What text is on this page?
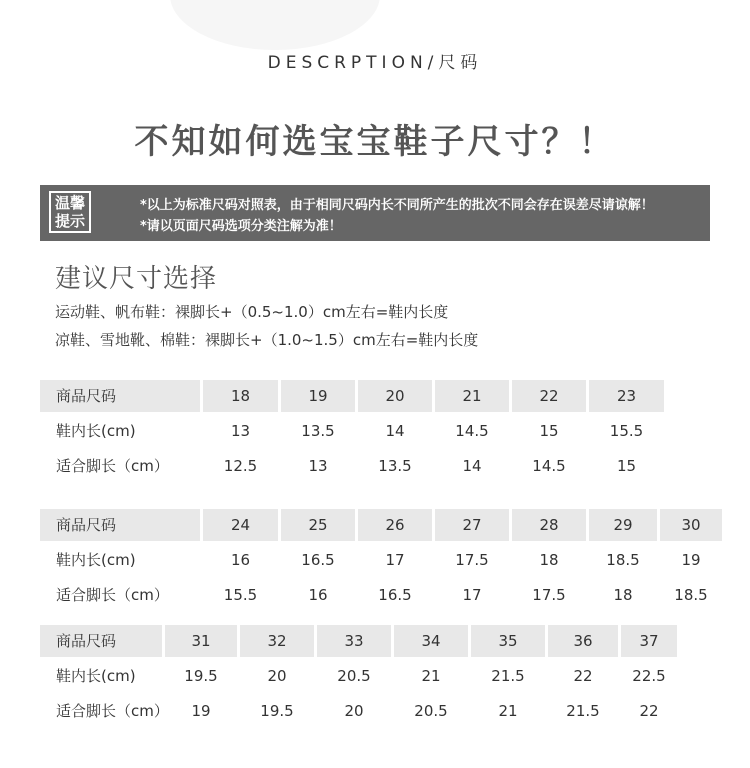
DESCRPTION/尺码
不知如何选宝宝鞋子尺寸？！
温馨
提示
*以上为标准尺码对照表，由于相同尺码内长不同所产生的批次不同会存在误差尽请谅解！
*请以页面尺码选项分类注解为准！
建议尺寸选择
运动鞋、帆布鞋：裸脚长+（0.5~1.0）cm左右=鞋内长度
凉鞋、雪地靴、棉鞋：裸脚长+（1.0~1.5）cm左右=鞋内长度
商品尺码	18	19	20	21	22	23
鞋内长(cm)	13	13.5	14	14.5	15	15.5
适合脚长（cm）	12.5	13	13.5	14	14.5	15
商品尺码	24	25	26	27	28	29	30
鞋内长(cm)	16	16.5	17	17.5	18	18.5	19
适合脚长（cm）	15.5	16	16.5	17	17.5	18	18.5
商品尺码	31	32	33	34	35	36	37
鞋内长(cm)	19.5	20	20.5	21	21.5	22	22.5
适合脚长（cm）	19	19.5	20	20.5	21	21.5	22
